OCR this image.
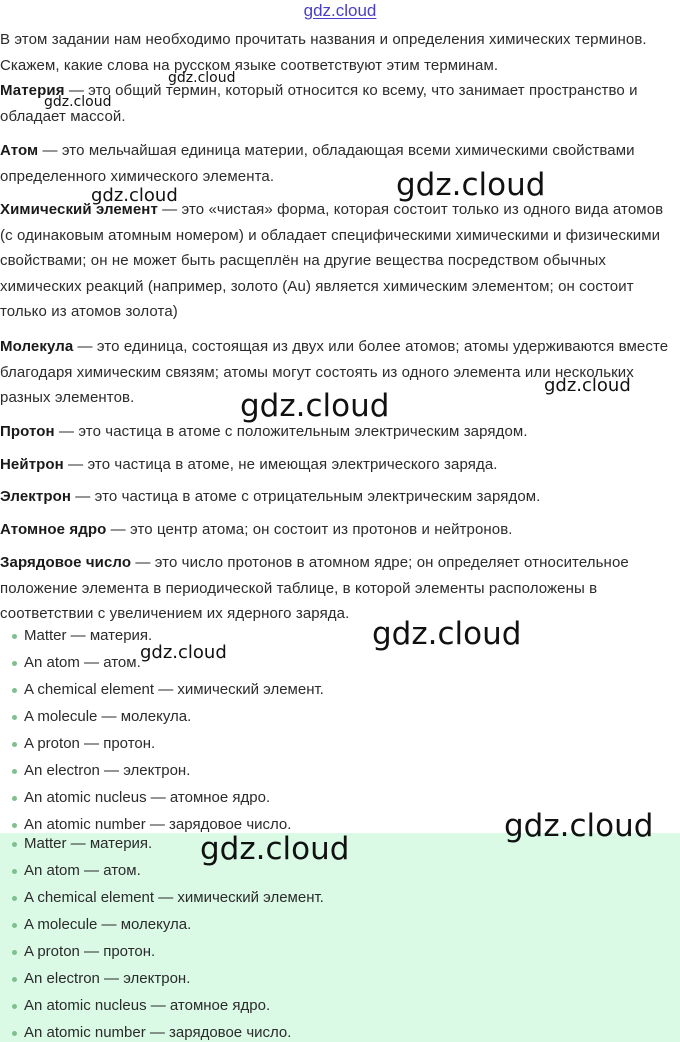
gdz.cloud
В этом задании нам необходимо прочитать названия и определения химических терминов. Скажем, какие слова на русском языке соответствуют этим терминам.
Материя — это общий термин, который относится ко всему, что занимает пространство и обладает массой.
Атом — это мельчайшая единица материи, обладающая всеми химическими свойствами определенного химического элемента.
Химический элемент — это «чистая» форма, которая состоит только из одного вида атомов (с одинаковым атомным номером) и обладает специфическими химическими и физическими свойствами; он не может быть расщеплён на другие вещества посредством обычных химических реакций (например, золото (Au) является химическим элементом; он состоит только из атомов золота)
Молекула — это единица, состоящая из двух или более атомов; атомы удерживаются вместе благодаря химическим связям; атомы могут состоять из одного элемента или нескольких разных элементов.
Протон — это частица в атоме с положительным электрическим зарядом.
Нейтрон — это частица в атоме, не имеющая электрического заряда.
Электрон — это частица в атоме с отрицательным электрическим зарядом.
Атомное ядро — это центр атома; он состоит из протонов и нейтронов.
Зарядовое число — это число протонов в атомном ядре; он определяет относительное положение элемента в периодической таблице, в которой элементы расположены в соответствии с увеличением их ядерного заряда.
Matter — материя.
An atom — атом.
A chemical element — химический элемент.
A molecule — молекула.
A proton — протон.
An electron — электрон.
An atomic nucleus — атомное ядро.
An atomic number — зарядовое число.
Matter — материя.
An atom — атом.
A chemical element — химический элемент.
A molecule — молекула.
A proton — протон.
An electron — электрон.
An atomic nucleus — атомное ядро.
An atomic number — зарядовое число.
gdz.cloud
gdz.cloud
gdz.cloud
gdz.cloud
gdz.cloud
gdz.cloud
gdz.cloud
gdz.cloud
gdz.cloud
gdz.cloud
